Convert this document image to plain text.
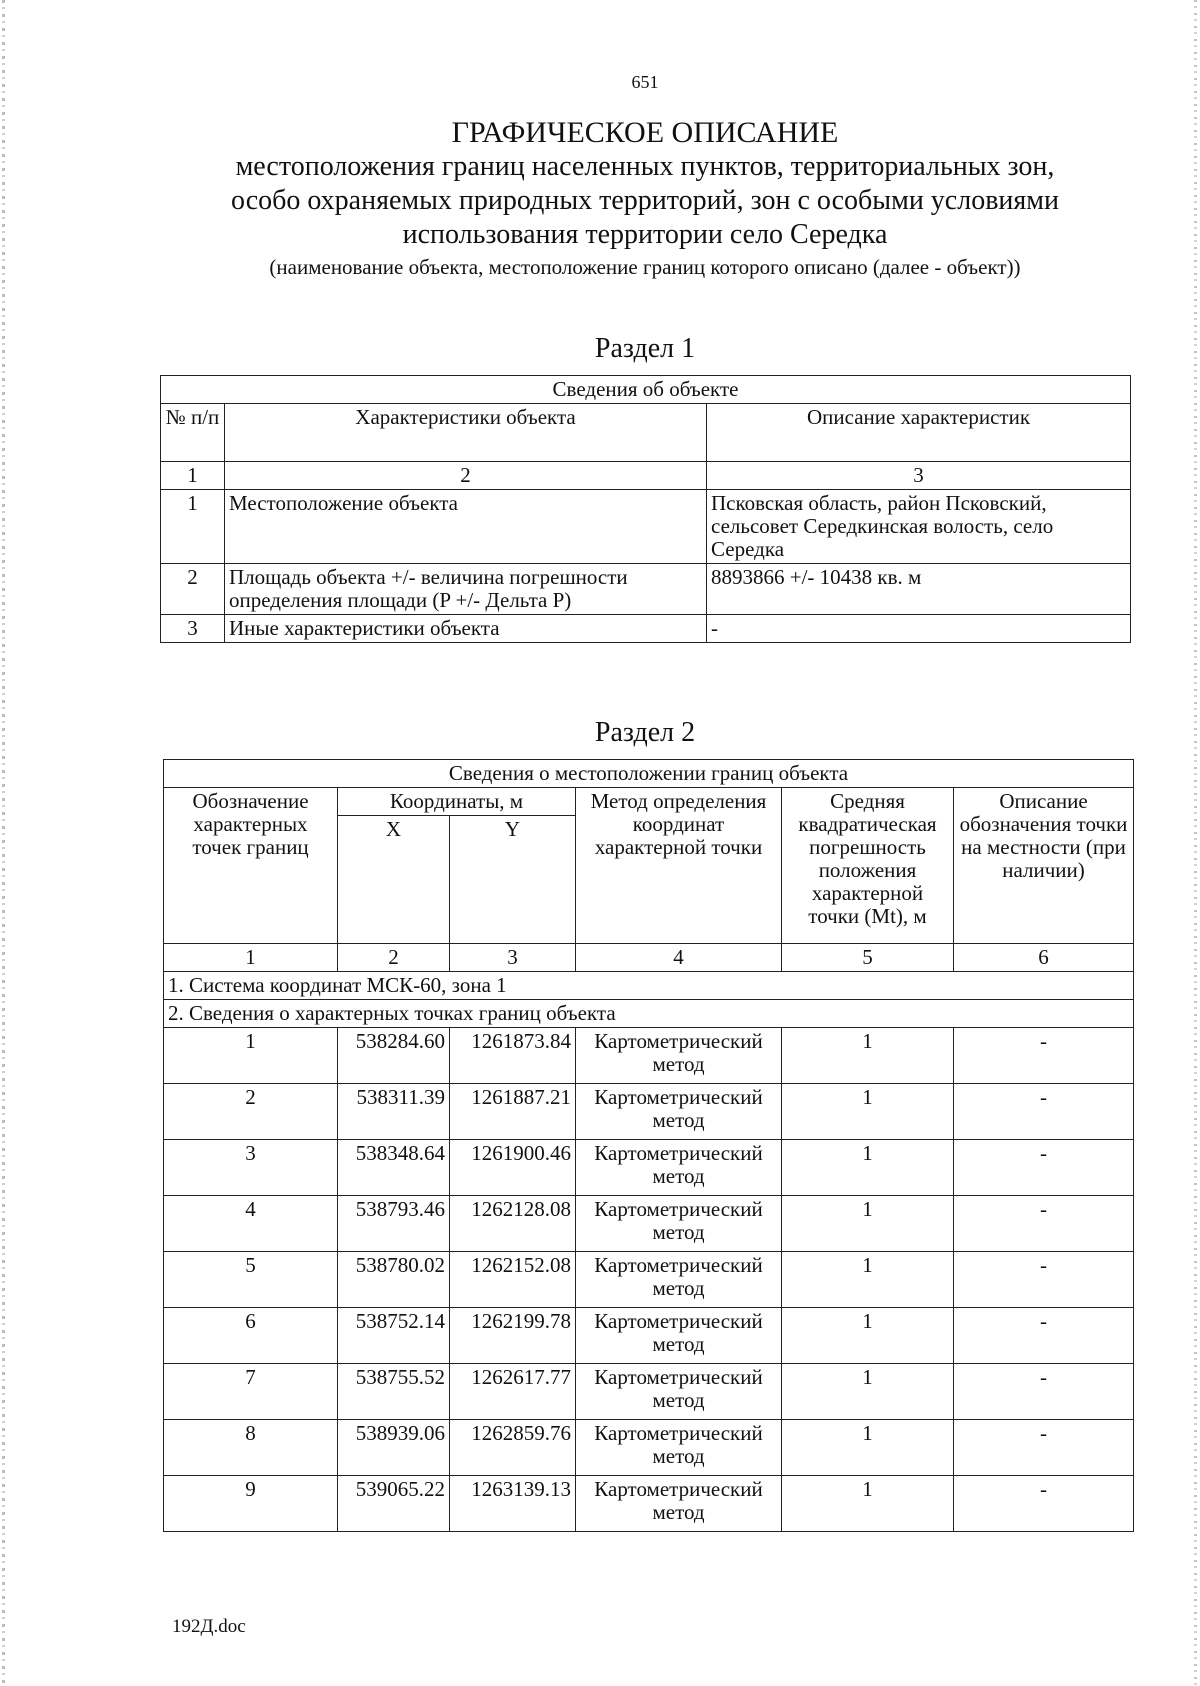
651
ГРАФИЧЕСКОЕ ОПИСАНИЕ
местоположения границ населенных пунктов, территориальных зон,
особо охраняемых природных территорий, зон с особыми условиями
использования территории село Середка
(наименование объекта, местоположение границ которого описано (далее - объект))
Раздел 1
Сведения об объекте		
№ п/п	Характеристики объекта	Описание характеристик
1	2	3
1	Местоположение объекта	Псковская область, район Псковский, сельсовет Середкинская волость, село Середка
2	Площадь объекта +/- величина погрешности определения площади (P +/- Дельта P)	8893866 +/- 10438 кв. м
3	Иные характеристики объекта	-
Раздел 2
Сведения о местоположении границ объекта					
Обозначение характерных точек границ	Координаты, м		Метод определения координат характерной точки	Средняя квадратическая погрешность положения характерной точки (Mt), м	Описание обозначения точки на местности (при наличии)
	X	Y			
1	2	3	4	5	6
1. Система координат МСК-60, зона 1					
2. Сведения о характерных точках границ объекта					
1	538284.60	1261873.84	Картометрический метод	1	-
2	538311.39	1261887.21	Картометрический метод	1	-
3	538348.64	1261900.46	Картометрический метод	1	-
4	538793.46	1262128.08	Картометрический метод	1	-
5	538780.02	1262152.08	Картометрический метод	1	-
6	538752.14	1262199.78	Картометрический метод	1	-
7	538755.52	1262617.77	Картометрический метод	1	-
8	538939.06	1262859.76	Картометрический метод	1	-
9	539065.22	1263139.13	Картометрический метод	1	-
192Д.doc
